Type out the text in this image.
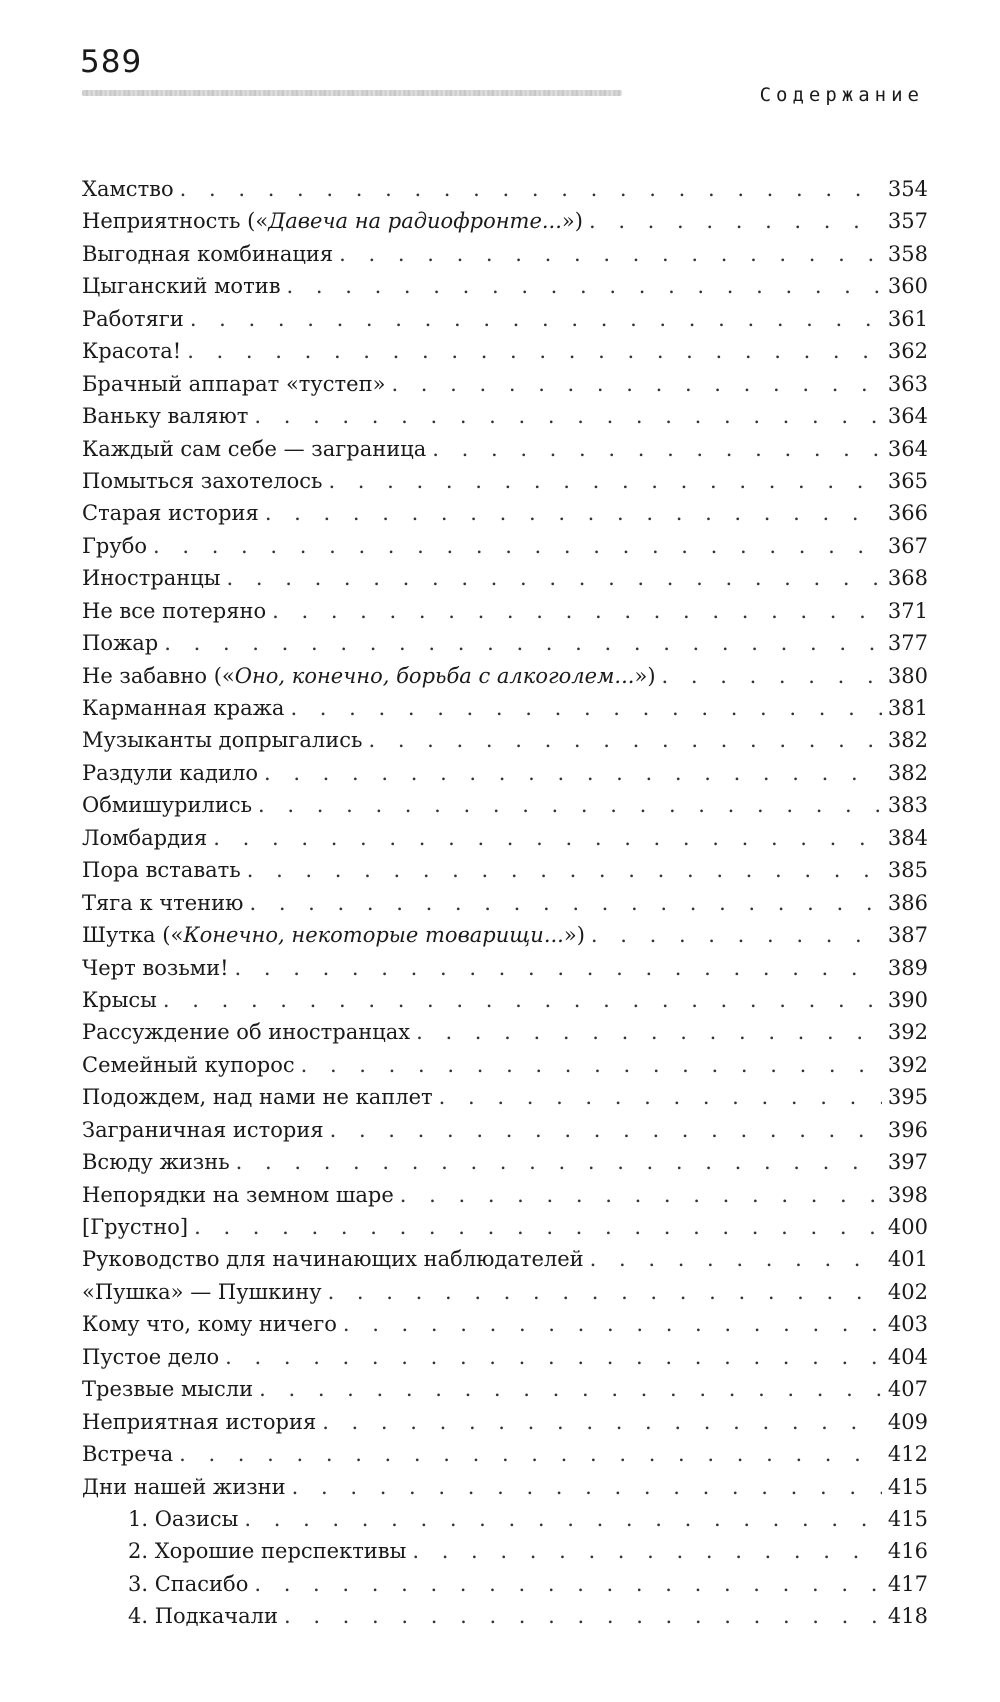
589
Содержание
Хамство . . .	354
Неприятность («Давеча на радиофронте...») . . .	357
Выгодная комбинация . . .	358
Цыганский мотив . . .	360
Работяги . . .	361
Красота! . . .	362
Брачный аппарат «тустеп» . . .	363
Ваньку валяют . . .	364
Каждый сам себе — заграница . . .	364
Помыться захотелось . . .	365
Старая история . . .	366
Грубо . . .	367
Иностранцы . . .	368
Не все потеряно . . .	371
Пожар . . .	377
Не забавно («Оно, конечно, борьба с алкоголем...») . . .	380
Карманная кража . . .	381
Музыканты допрыгались . . .	382
Раздули кадило . . .	382
Обмишурились . . .	383
Ломбардия . . .	384
Пора вставать . . .	385
Тяга к чтению . . .	386
Шутка («Конечно, некоторые товарищи...») . . .	387
Черт возьми! . . .	389
Крысы . . .	390
Рассуждение об иностранцах . . .	392
Семейный купорос . . .	392
Подождем, над нами не каплет . . .	395
Заграничная история . . .	396
Всюду жизнь . . .	397
Непорядки на земном шаре . . .	398
[Грустно] . . .	400
Руководство для начинающих наблюдателей . . .	401
«Пушка» — Пушкину . . .	402
Кому что, кому ничего . . .	403
Пустое дело . . .	404
Трезвые мысли . . .	407
Неприятная история . . .	409
Встреча . . .	412
Дни нашей жизни . . .	415
1. Оазисы . . .	415
2. Хорошие перспективы . . .	416
3. Спасибо . . .	417
4. Подкачали . . .	418
